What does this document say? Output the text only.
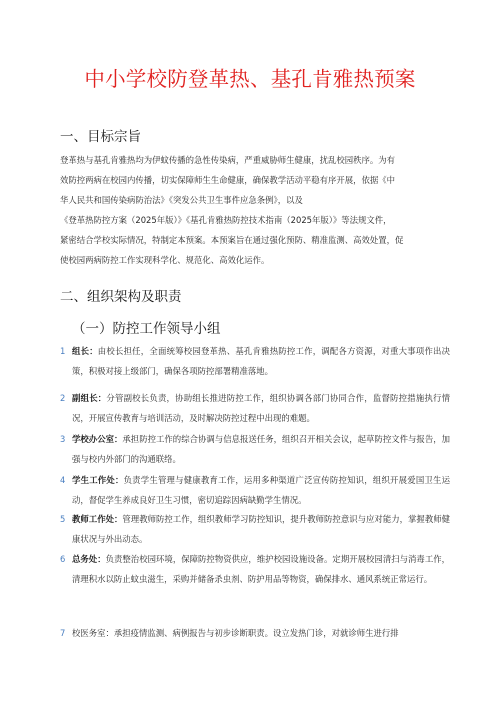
中小学校防登革热、基孔肯雅热预案
一、目标宗旨
登革热与基孔肯雅热均为伊蚊传播的急性传染病，严重威胁师生健康，扰乱校园秩序。为有
效防控两病在校园内传播，切实保障师生生命健康，确保教学活动平稳有序开展，依据《中
华人民共和国传染病防治法》《突发公共卫生事件应急条例》，以及
《登革热防控方案（2025年版）》《基孔肯雅热防控技术指南（2025年版）》等法规文件，
紧密结合学校实际情况，特制定本预案。本预案旨在通过强化预防、精准监测、高效处置，促
使校园两病防控工作实现科学化、规范化、高效化运作。
二、组织架构及职责
（一）防控工作领导小组
1 组长：由校长担任，全面统筹校园登革热、基孔肯雅热防控工作，调配各方资源，对重大事项作出决策，积极对接上级部门，确保各项防控部署精准落地。
2 副组长：分管副校长负责，协助组长推进防控工作，组织协调各部门协同合作，监督防控措施执行情况，开展宣传教育与培训活动，及时解决防控过程中出现的难题。
3 学校办公室：承担防控工作的综合协调与信息报送任务，组织召开相关会议，起草防控文件与报告，加强与校内外部门的沟通联络。
4 学生工作处：负责学生管理与健康教育工作，运用多种渠道广泛宣传防控知识，组织开展爱国卫生运动，督促学生养成良好卫生习惯，密切追踪因病缺勤学生情况。
5 教师工作处：管理教师防控工作，组织教师学习防控知识，提升教师防控意识与应对能力，掌握教师健康状况与外出动态。
6 总务处：负责整治校园环境，保障防控物资供应，维护校园设施设备。定期开展校园清扫与消毒工作，清理积水以防止蚊虫滋生，采购并储备杀虫剂、防护用品等物资，确保排水、通风系统正常运行。
7 校医务室：承担疫情监测、病例报告与初步诊断职责。设立发热门诊，对就诊师生进行排
